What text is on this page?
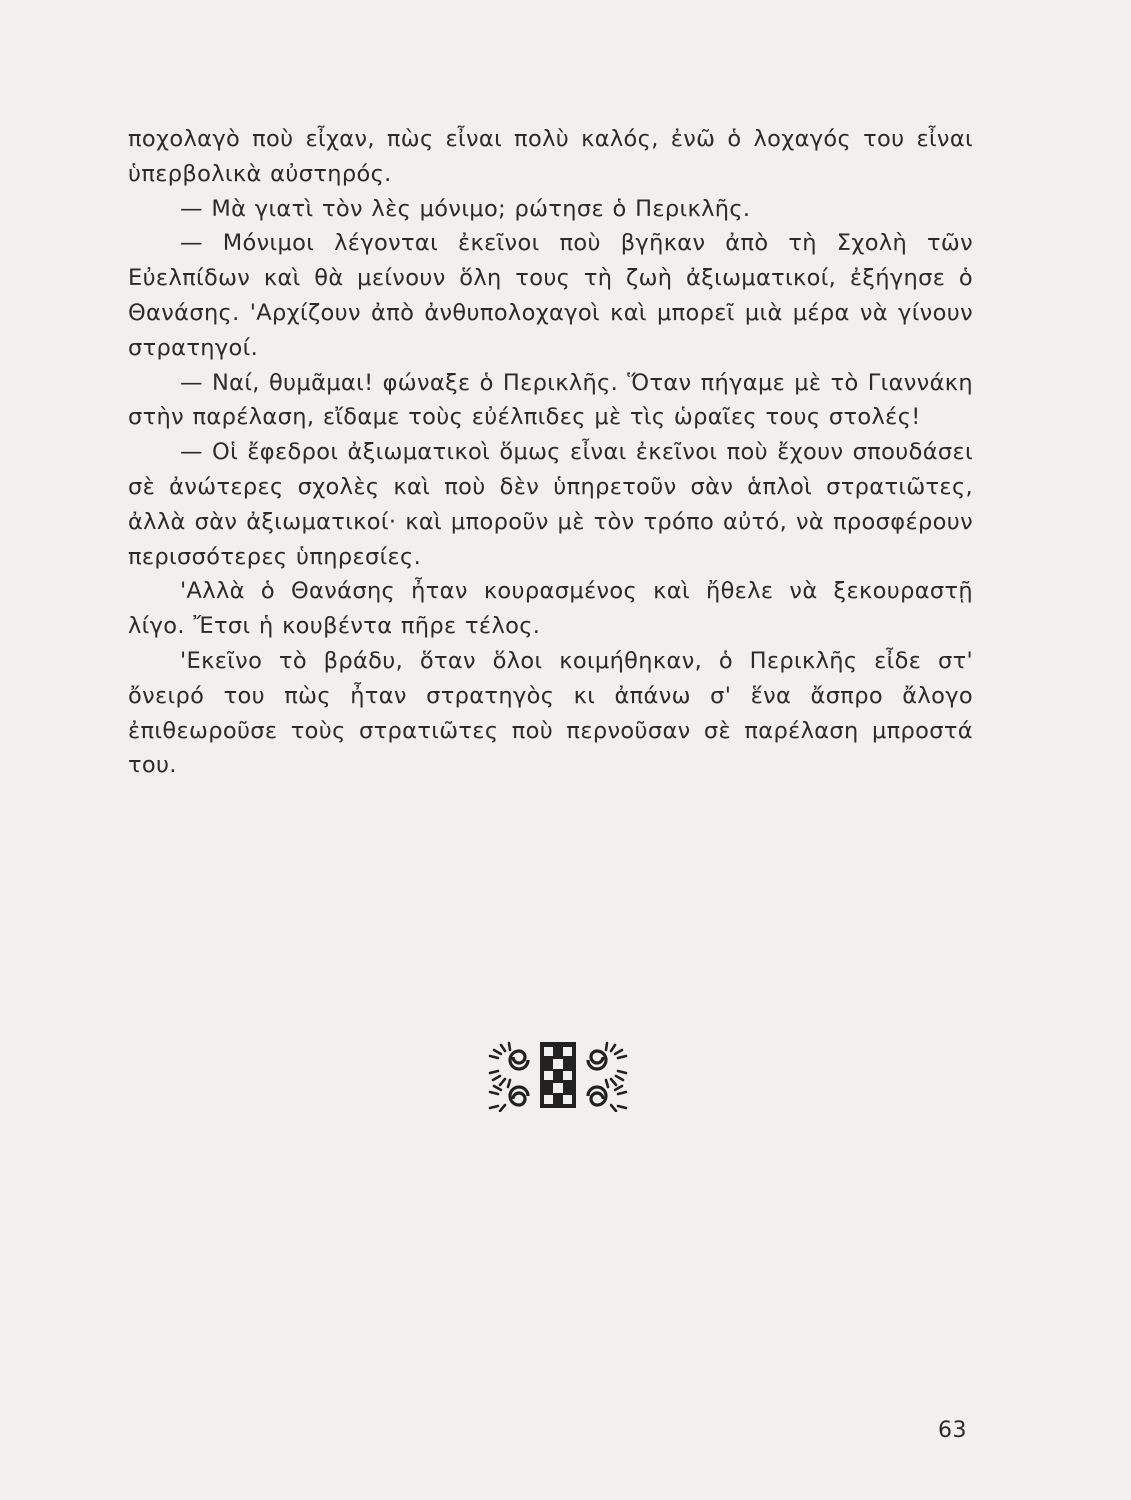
ποχολαγὸ ποὺ εἶχαν, πὼς εἶναι πολὺ καλός, ἐνῶ ὁ λοχαγός του εἶναι ὑπερβολικὰ αὐστηρός.

— Μὰ γιατὶ τὸν λὲς μόνιμο; ρώτησε ὁ Περικλῆς.

— Μόνιμοι λέγονται ἐκεῖνοι ποὺ βγῆκαν ἀπὸ τὴ Σχολὴ τῶν Εὐελπίδων καὶ θὰ μείνουν ὅλη τους τὴ ζωὴ ἀξιωματικοί, ἐξήγησε ὁ Θανάσης. 'Αρχίζουν ἀπὸ ἀνθυπολοχαγοὶ καὶ μπορεῖ μιὰ μέρα νὰ γίνουν στρατηγοί.

— Ναί, θυμᾶμαι! φώναξε ὁ Περικλῆς. Ὅταν πήγαμε μὲ τὸ Γιαννάκη στὴν παρέλαση, εἴδαμε τοὺς εὐέλπιδες μὲ τὶς ὡραῖες τους στολές!

— Οἱ ἔφεδροι ἀξιωματικοὶ ὅμως εἶναι ἐκεῖνοι ποὺ ἔχουν σπουδάσει σὲ ἀνώτερες σχολὲς καὶ ποὺ δὲν ὑπηρετοῦν σὰν ἁπλοὶ στρατιῶτες, ἀλλὰ σὰν ἀξιωματικοί· καὶ μποροῦν μὲ τὸν τρόπο αὐτό, νὰ προσφέρουν περισσότερες ὑπηρεσίες.

'Αλλὰ ὁ Θανάσης ἦταν κουρασμένος καὶ ἤθελε νὰ ξεκουραστῇ λίγο. Ἔτσι ἡ κουβέντα πῆρε τέλος.

'Εκεῖνο τὸ βράδυ, ὅταν ὅλοι κοιμήθηκαν, ὁ Περικλῆς εἶδε στ' ὄνειρό του πὼς ἦταν στρατηγὸς κι ἀπάνω σ' ἕνα ἄσπρο ἄλογο ἐπιθεωροῦσε τοὺς στρατιῶτες ποὺ περνοῦσαν σὲ παρέλαση μπροστά του.

63
